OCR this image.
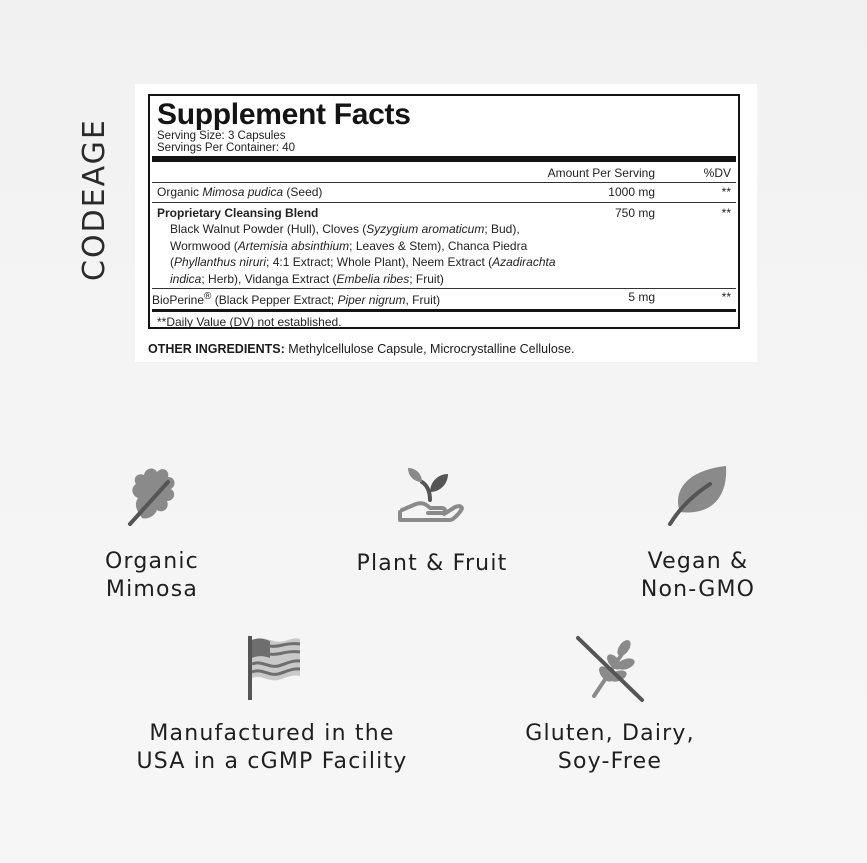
CODEAGE
Supplement Facts
Serving Size: 3 Capsules
Servings Per Container: 40
Amount Per Serving	%DV
Organic Mimosa pudica (Seed)	1000 mg	**
Proprietary Cleansing Blend	750 mg	**
Black Walnut Powder (Hull), Cloves (Syzygium aromaticum; Bud), Wormwood (Artemisia absinthium; Leaves & Stem), Chanca Piedra (Phyllanthus niruri; 4:1 Extract; Whole Plant), Neem Extract (Azadirachta indica; Herb), Vidanga Extract (Embelia ribes; Fruit)
BioPerine® (Black Pepper Extract; Piper nigrum, Fruit)	5 mg	**
**Daily Value (DV) not established.
OTHER INGREDIENTS: Methylcellulose Capsule, Microcrystalline Cellulose.
Organic
Mimosa
Plant & Fruit	Vegan &
Non-GMO
Manufactured in the
USA in a cGMP Facility
Gluten, Dairy,
Soy-Free
